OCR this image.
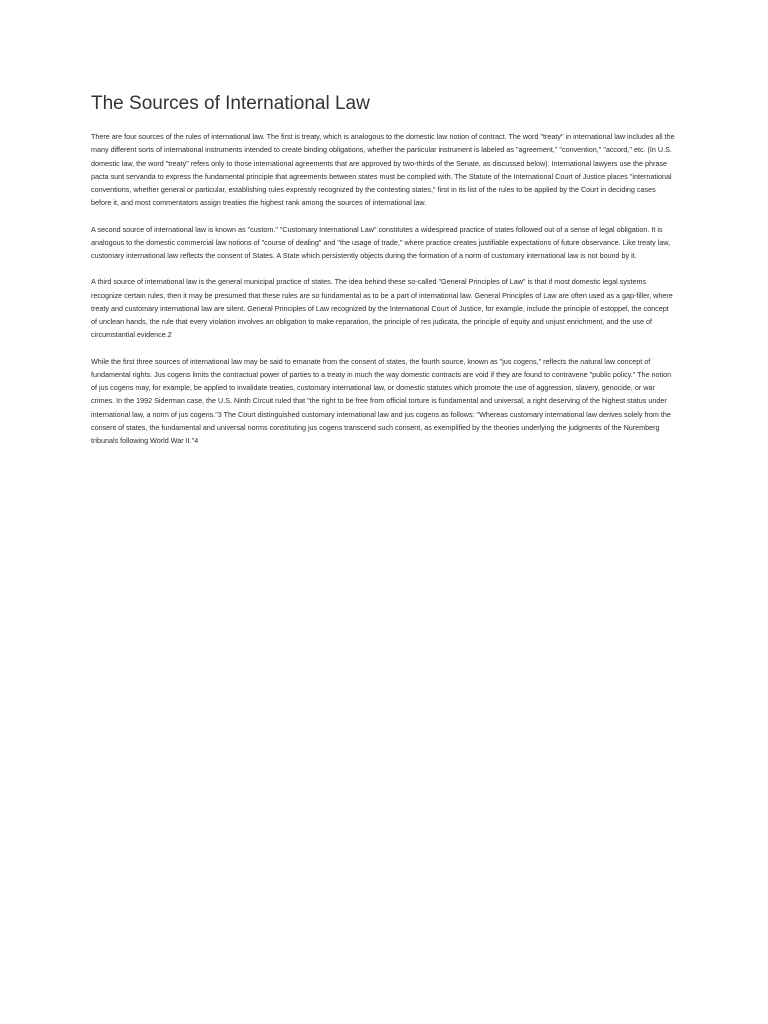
The Sources of International Law

There are four sources of the rules of international law. The first is treaty, which is analogous to the domestic law notion of contract. The word "treaty" in international law includes all the many different sorts of international instruments intended to create binding obligations, whether the particular instrument is labeled as "agreement," "convention," "accord," etc. (In U.S. domestic law, the word "treaty" refers only to those international agreements that are approved by two-thirds of the Senate, as discussed below). International lawyers use the phrase pacta sunt servanda to express the fundamental principle that agreements between states must be complied with. The Statute of the International Court of Justice places "international conventions, whether general or particular, establishing rules expressly recognized by the contesting states," first in its list of the rules to be applied by the Court in deciding cases before it, and most commentators assign treaties the highest rank among the sources of international law.

A second source of international law is known as "custom." "Customary International Law" constitutes a widespread practice of states followed out of a sense of legal obligation. It is analogous to the domestic commercial law notions of "course of dealing" and "the usage of trade," where practice creates justifiable expectations of future observance. Like treaty law, customary international law reflects the consent of States. A State which persistently objects during the formation of a norm of customary international law is not bound by it.

A third source of international law is the general municipal practice of states. The idea behind these so-called "General Principles of Law" is that if most domestic legal systems recognize certain rules, then it may be presumed that these rules are so fundamental as to be a part of international law. General Principles of Law are often used as a gap-filler, where treaty and customary international law are silent. General Principles of Law recognized by the International Court of Justice, for example, include the principle of estoppel, the concept of unclean hands, the rule that every violation involves an obligation to make reparation, the principle of res judicata, the principle of equity and unjust enrichment, and the use of circumstantial evidence.2

While the first three sources of international law may be said to emanate from the consent of states, the fourth source, known as "jus cogens," reflects the natural law concept of fundamental rights. Jus cogens limits the contractual power of parties to a treaty in much the way domestic contracts are void if they are found to contravene "public policy." The notion of jus cogens may, for example, be applied to invalidate treaties, customary international law, or domestic statutes which promote the use of aggression, slavery, genocide, or war crimes. In the 1992 Siderman case, the U.S. Ninth Circuit ruled that "the right to be free from official torture is fundamental and universal, a right deserving of the highest status under international law, a norm of jus cogens."3 The Court distinguished customary international law and jus cogens as follows: "Whereas customary international law derives solely from the consent of states, the fundamental and universal norms constituting jus cogens transcend such consent, as exemplified by the theories underlying the judgments of the Nuremberg tribunals following World War II."4
